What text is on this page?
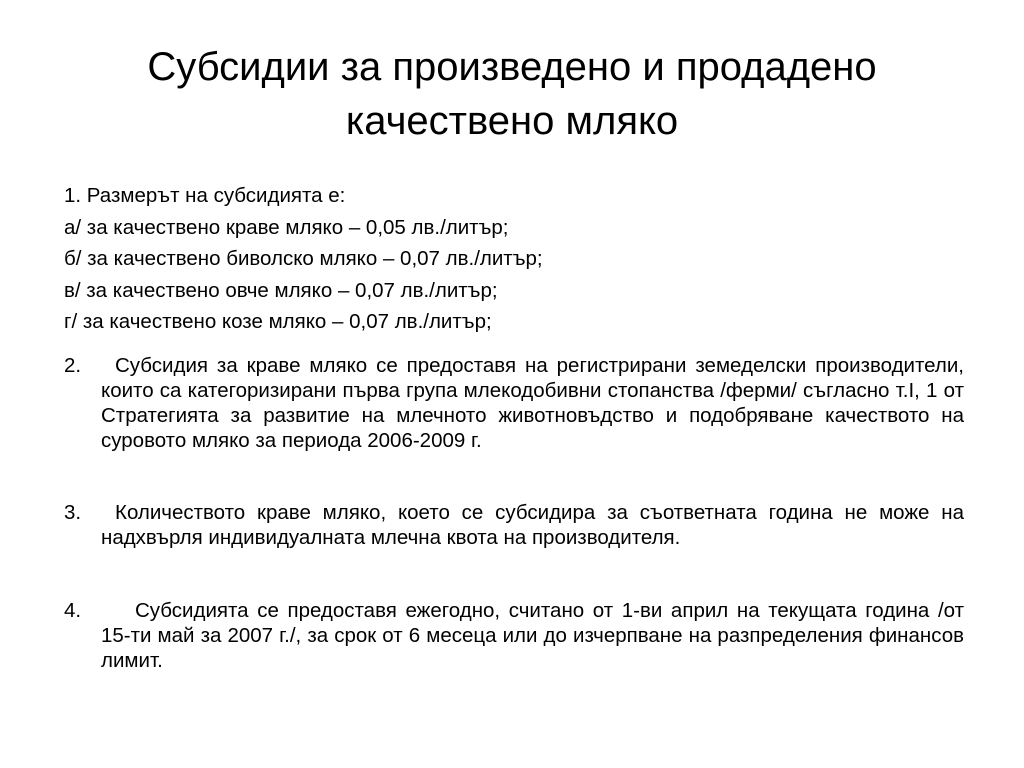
Субсидии за произведено и продадено
качествено мляко
1. Размерът на субсидията е:
а/ за качествено краве мляко – 0,05 лв./литър;
б/ за качествено биволско мляко – 0,07 лв./литър;
в/ за качествено овче мляко – 0,07 лв./литър;
г/ за качествено козе мляко – 0,07 лв./литър;
2.	Субсидия за краве мляко се предоставя на регистрирани земеделски производители, които са категоризирани първа група млекодобивни стопанства /ферми/ съгласно т.I, 1 от Стратегията за развитие на млечното животновъдство и подобряване качеството на суровото мляко за периода 2006-2009 г.
3.	Количеството краве мляко, което се субсидира за съответната година не може на надхвърля индивидуалната млечна квота на производителя.
4.	Субсидията се предоставя ежегодно, считано от 1-ви април на текущата година /от 15-ти май за 2007 г./, за срок от 6 месеца или до изчерпване на разпределения финансов лимит.
